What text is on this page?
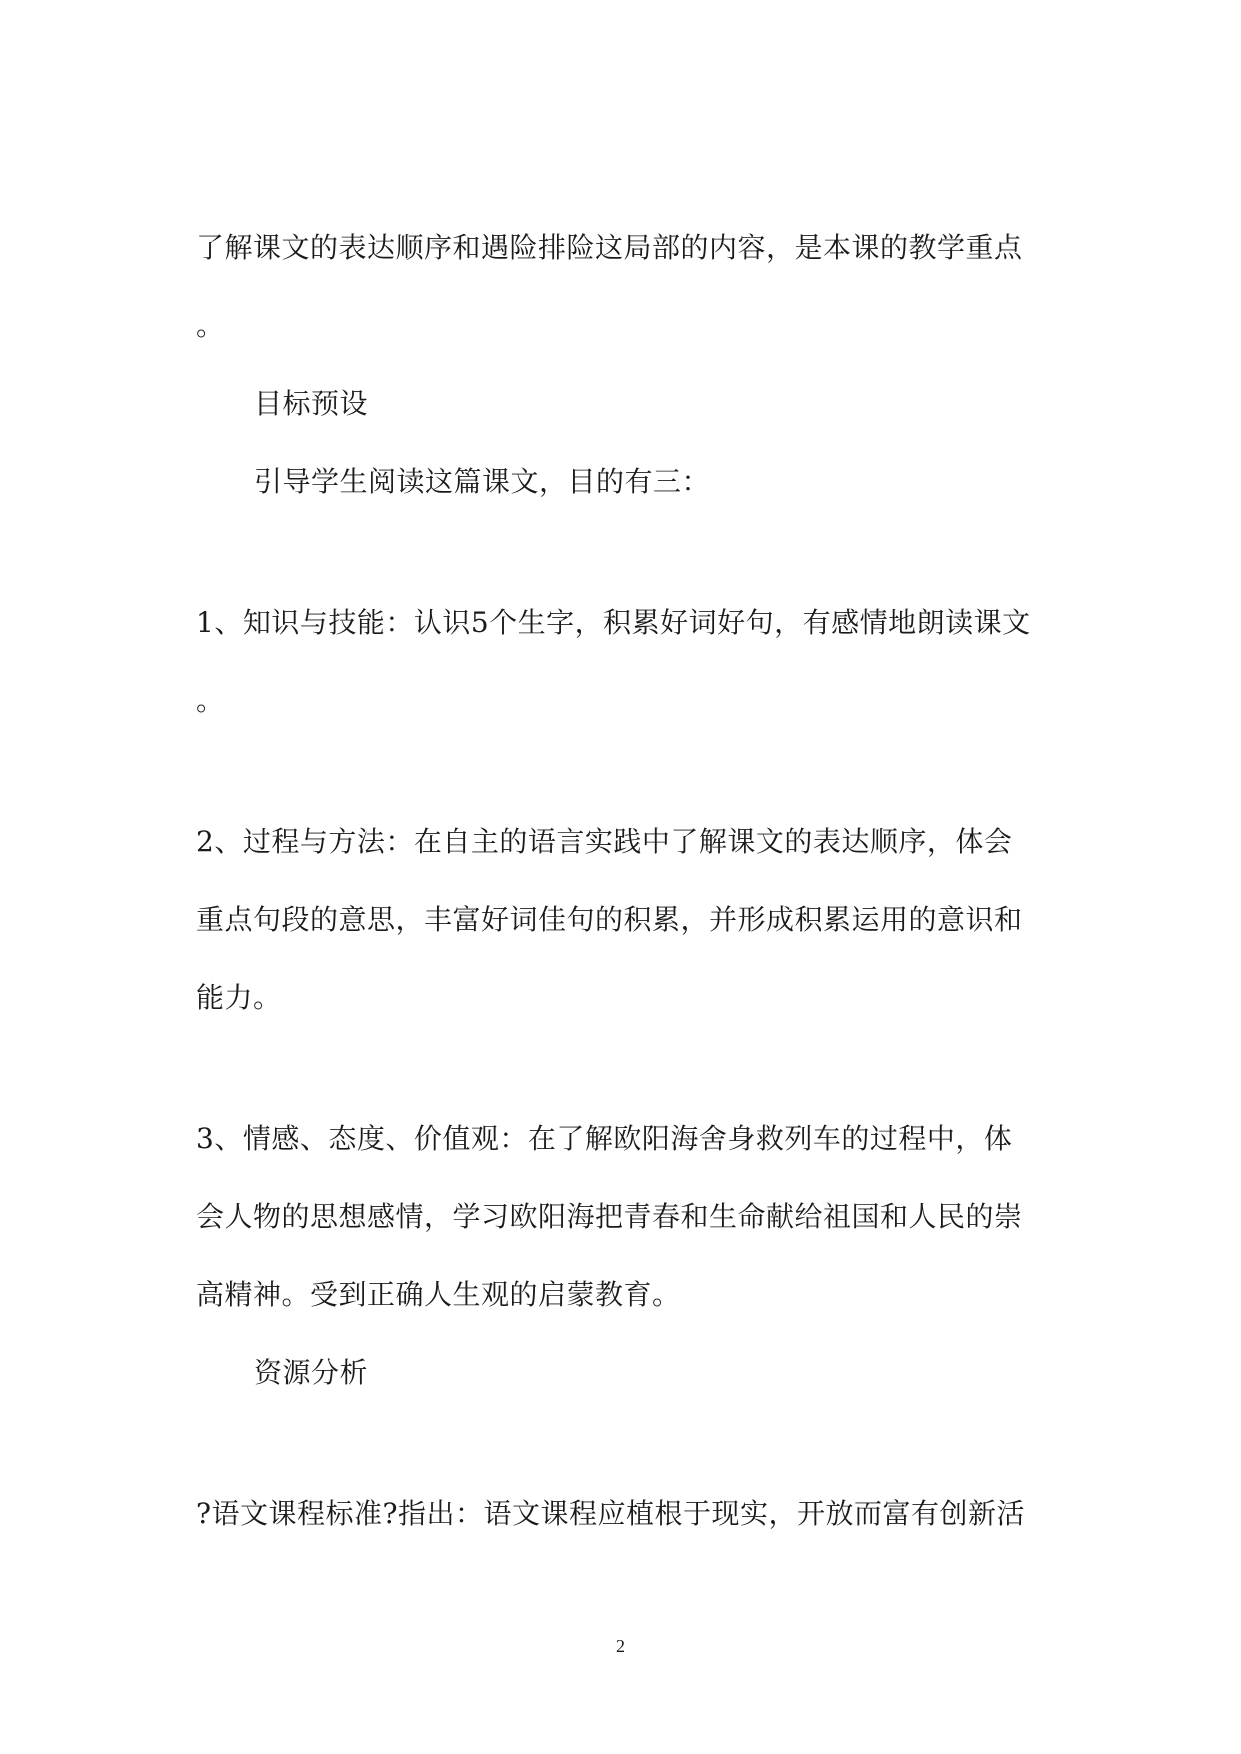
了解课文的表达顺序和遇险排险这局部的内容，是本课的教学重点
。
目标预设
引导学生阅读这篇课文，目的有三：
1、知识与技能：认识5个生字，积累好词好句，有感情地朗读课文
。
2、过程与方法：在自主的语言实践中了解课文的表达顺序，体会
重点句段的意思，丰富好词佳句的积累，并形成积累运用的意识和
能力。
3、情感、态度、价值观：在了解欧阳海舍身救列车的过程中，体
会人物的思想感情，学习欧阳海把青春和生命献给祖国和人民的崇
高精神。受到正确人生观的启蒙教育。
资源分析
?语文课程标准?指出：语文课程应植根于现实，开放而富有创新活
2
